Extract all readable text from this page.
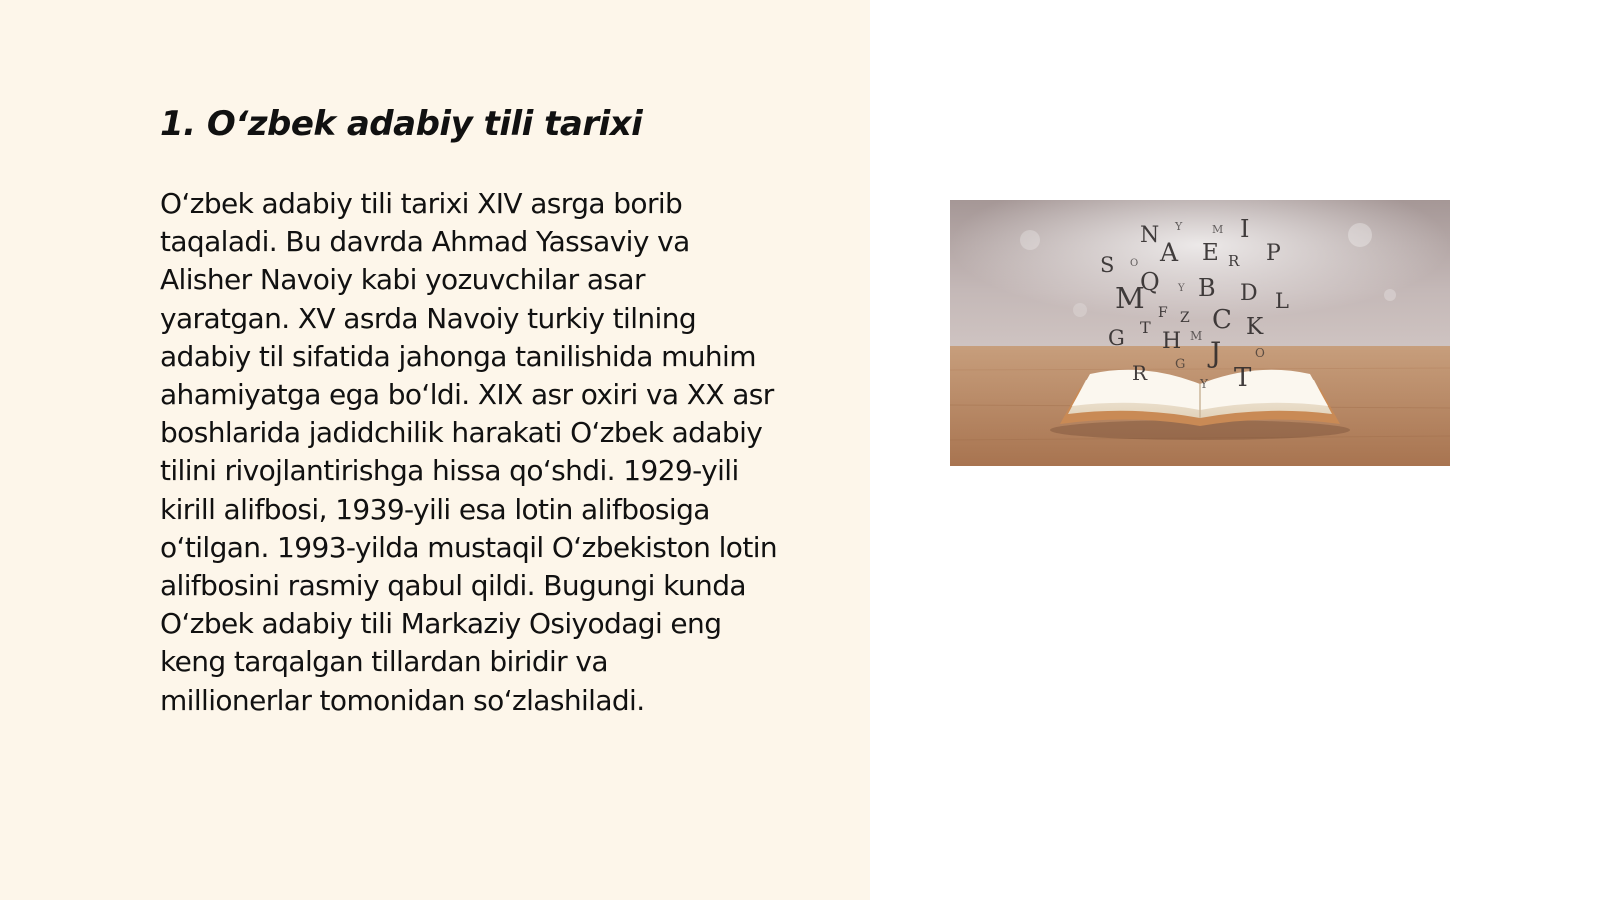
1. O‘zbek adabiy tili tarixi
O‘zbek adabiy tili tarixi XIV asrga borib
taqaladi. Bu davrda Ahmad Yassaviy va
Alisher Navoiy kabi yozuvchilar asar
yaratgan. XV asrda Navoiy turkiy tilning
adabiy til sifatida jahonga tanilishida muhim
ahamiyatga ega bo‘ldi. XIX asr oxiri va XX asr
boshlarida jadidchilik harakati O‘zbek adabiy
tilini rivojlantirishga hissa qo‘shdi. 1929-yili
kirill alifbosi, 1939-yili esa lotin alifbosiga
o‘tilgan. 1993-yilda mustaqil O‘zbekiston lotin
alifbosini rasmiy qabul qildi. Bugungi kunda
O‘zbek adabiy tili Markaziy Osiyodagi eng
keng tarqalgan tillardan biridir va
millionerlar tomonidan so‘zlashiladi.
N Y	M I
S O A E R P
Q Y B D L
M F Z C K
G T
H M J	O
R G
Y T
